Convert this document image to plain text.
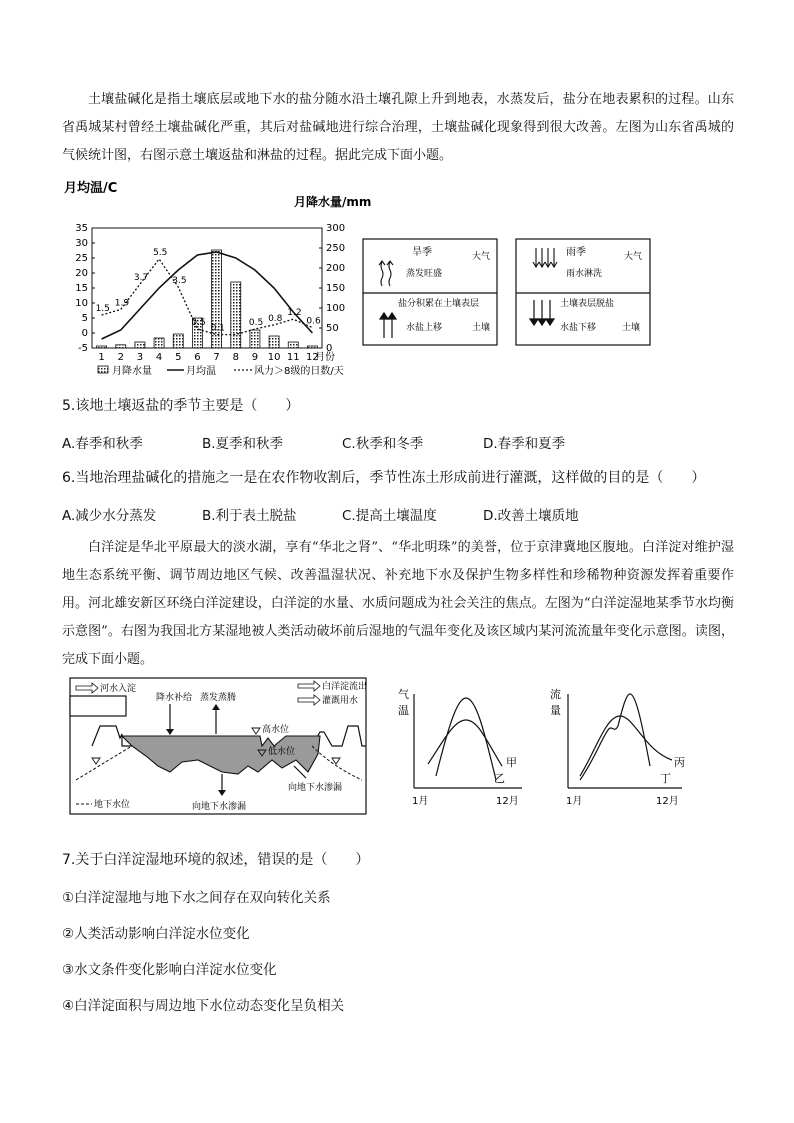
土壤盐碱化是指土壤底层或地下水的盐分随水沿土壤孔隙上升到地表，水蒸发后，盐分在地表累积的过程。山东省禹城某村曾经土壤盐碱化严重，其后对盐碱地进行综合治理，土壤盐碱化现象得到很大改善。左图为山东省禹城的气候统计图，右图示意土壤返盐和淋盐的过程。据此完成下面小题。
月均温/C
月降水量/mm
35
30
25
20
15
10
5
0
-5
300
250
200
150
100
50
0
1.5
1.9
3.7
5.5
3.5
0.5
0.1
0.5 0.8
1.2
0.6
1 2 3 4 5 6 7 8 9 10 11 12
月份
月降水量	月均温	风力＞8级的日数/天
旱季	大气
蒸发旺盛
盐分积累在土壤表层
水盐上移	土壤
雨季	大气
雨水淋洗
土壤表层脱盐
水盐下移	土壤
5.该地土壤返盐的季节主要是（　　）
A.春季和秋季	B.夏季和秋季	C.秋季和冬季	D.春季和夏季
6.当地治理盐碱化的措施之一是在农作物收割后，季节性冻土形成前进行灌溉，这样做的目的是（　　）
A.减少水分蒸发	B.利于表土脱盐	C.提高土壤温度	D.改善土壤质地
白洋淀是华北平原最大的淡水湖，享有“华北之肾”、“华北明珠”的美誉，位于京津冀地区腹地。白洋淀对维护湿地生态系统平衡、调节周边地区气候、改善温湿状况、补充地下水及保护生物多样性和珍稀物种资源发挥着重要作用。河北雄安新区环绕白洋淀建设，白洋淀的水量、水质问题成为社会关注的焦点。左图为“白洋淀湿地某季节水均衡示意图”。右图为我国北方某湿地被人类活动破坏前后湿地的气温年变化及该区域内某河流流量年变化示意图。读图，完成下面小题。
河水入淀	白洋淀流出
灌溉用水
降水补给 蒸发蒸腾
高水位
低水位
地下水位	向地下水渗漏
向地下水渗漏
气
温
甲
乙
1月	12月
流
量
丙
丁
1月	12月
7.关于白洋淀湿地环境的叙述，错误的是（　　）
①白洋淀湿地与地下水之间存在双向转化关系
②人类活动影响白洋淀水位变化
③水文条件变化影响白洋淀水位变化
④白洋淀面积与周边地下水位动态变化呈负相关
